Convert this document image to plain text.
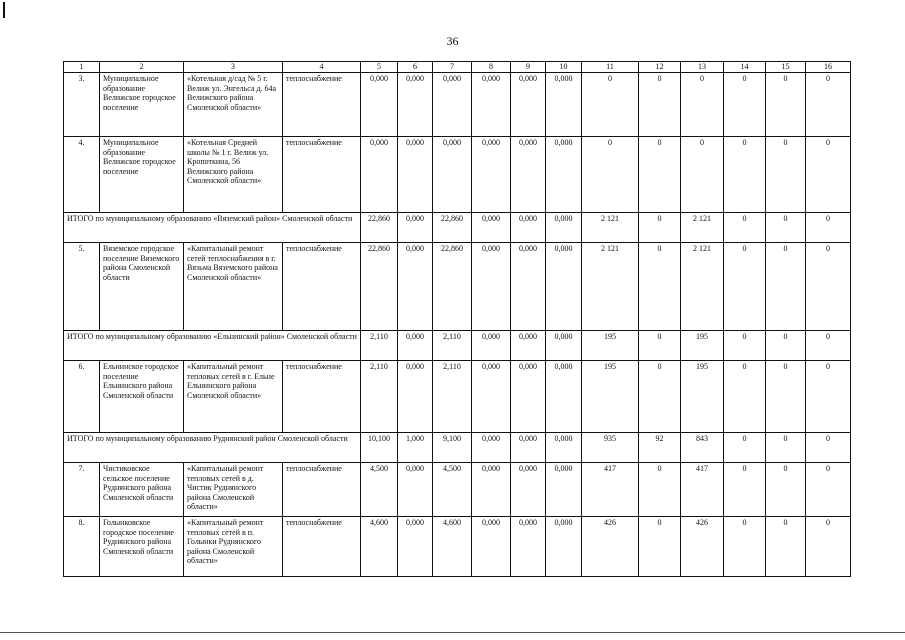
36
1	2	3	4	5	6	7	8	9	10	11	12	13	14	15	16
3.	Муниципальное образование Велижское городское поселение	«Котельная д/сад № 5 г. Велиж ул. Энгельса д. 64а Велижского района Смоленской области»	теплоснабжение	0,000	0,000	0,000	0,000	0,000	0,000	0	0	0	0	0	0
4.	Муниципальное образование Велижское городское поселение	«Котельная Средней школы № 1 г. Велиж ул. Кропоткина, 56 Велижского района Смоленской области»	теплоснабжение	0,000	0,000	0,000	0,000	0,000	0,000	0	0	0	0	0	0
ИТОГО по муниципальному образованию «Вяземский район» Смоленской области				22,860	0,000	22,860	0,000	0,000	0,000	2 121	0	2 121	0	0	0
5.	Вяземское городское поселение Вяземского района Смоленской области	«Капитальный ремонт сетей теплоснабжения в г. Вязьма Вяземского района Смоленской области»	теплоснабжение	22,860	0,000	22,860	0,000	0,000	0,000	2 121	0	2 121	0	0	0
ИТОГО по муниципальному образованию «Ельнинский район» Смоленской области				2,110	0,000	2,110	0,000	0,000	0,000	195	0	195	0	0	0
6.	Ельнинское городское поселение Ельнинского района Смоленской области	«Капитальный ремонт тепловых сетей в г. Ельне Ельнинского района Смоленской области»	теплоснабжение	2,110	0,000	2,110	0,000	0,000	0,000	195	0	195	0	0	0
ИТОГО по муниципальному образованию Руднянский район Смоленской области				10,100	1,000	9,100	0,000	0,000	0,000	935	92	843	0	0	0
7.	Чистиковское сельское поселение Руднянского района Смоленской области	«Капитальный ремонт тепловых сетей в д. Чистик Руднянского района Смоленской области»	теплоснабжение	4,500	0,000	4,500	0,000	0,000	0,000	417	0	417	0	0	0
8.	Голынковское городское поселение Руднянского района Смоленской области	«Капитальный ремонт тепловых сетей в п. Голынки Руднянского района Смоленской области»	теплоснабжение	4,600	0,000	4,600	0,000	0,000	0,000	426	0	426	0	0	0
